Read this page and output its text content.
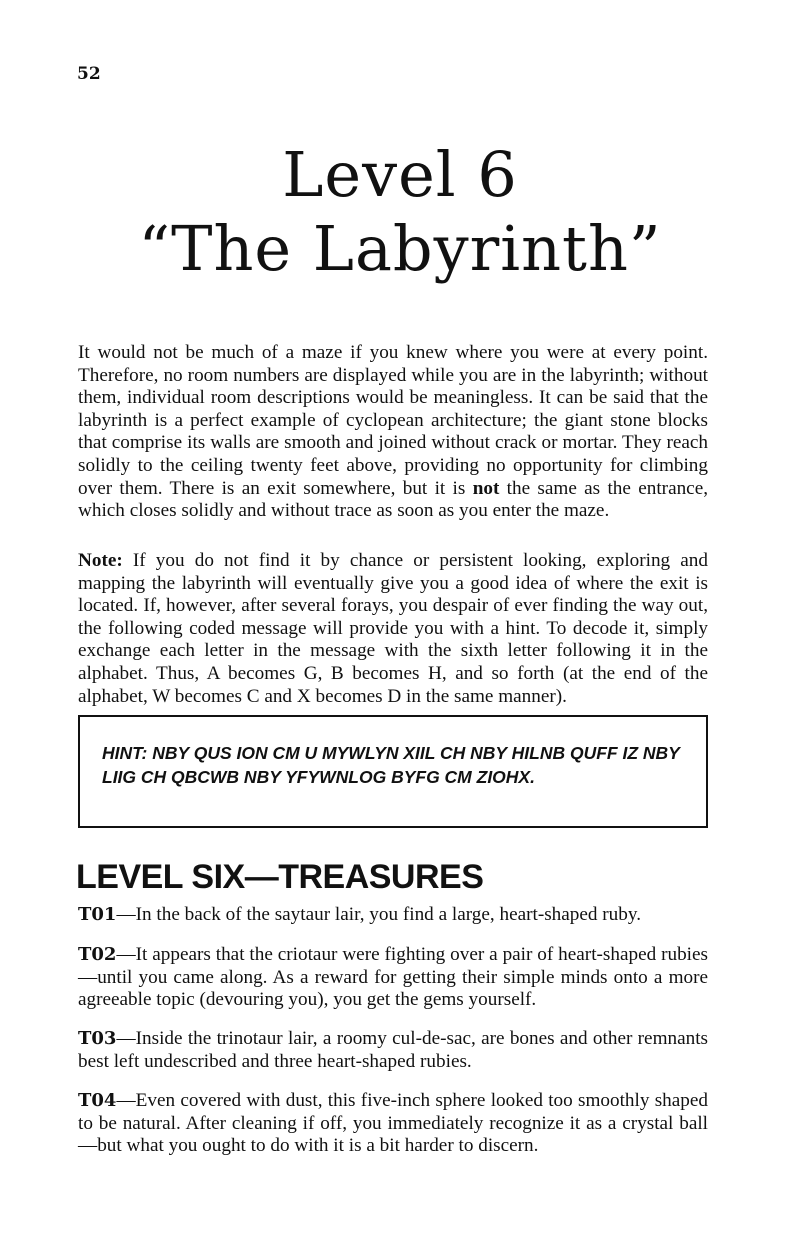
52
Level 6
“The Labyrinth”

It would not be much of a maze if you knew where you were at every point. Therefore, no room numbers are displayed while you are in the labyrinth; without them, individual room descriptions would be meaningless. It can be said that the labyrinth is a perfect example of cyclopean architecture; the giant stone blocks that comprise its walls are smooth and joined without crack or mortar. They reach solidly to the ceiling twenty feet above, providing no opportunity for climbing over them. There is an exit somewhere, but it is not the same as the entrance, which closes solidly and without trace as soon as you enter the maze.

Note: If you do not find it by chance or persistent looking, exploring and mapping the labyrinth will eventually give you a good idea of where the exit is located. If, however, after several forays, you despair of ever finding the way out, the following coded message will provide you with a hint. To decode it, simply exchange each letter in the message with the sixth letter following it in the alphabet. Thus, A becomes G, B becomes H, and so forth (at the end of the alphabet, W becomes C and X becomes D in the same manner).

HINT: NBY QUS ION CM U MYWLYN XIIL CH NBY HILNB QUFF IZ NBY LIIG CH QBCWB NBY YFYWNLOG BYFG CM ZIOHX.
LEVEL SIX—TREASURES

T01—In the back of the saytaur lair, you find a large, heart-shaped ruby.

T02—It appears that the criotaur were fighting over a pair of heart-shaped rubies—until you came along. As a reward for getting their simple minds onto a more agreeable topic (devouring you), you get the gems yourself.

T03—Inside the trinotaur lair, a roomy cul-de-sac, are bones and other remnants best left undescribed and three heart-shaped rubies.

T04—Even covered with dust, this five-inch sphere looked too smoothly shaped to be natural. After cleaning if off, you immediately recognize it as a crystal ball—but what you ought to do with it is a bit harder to discern.
